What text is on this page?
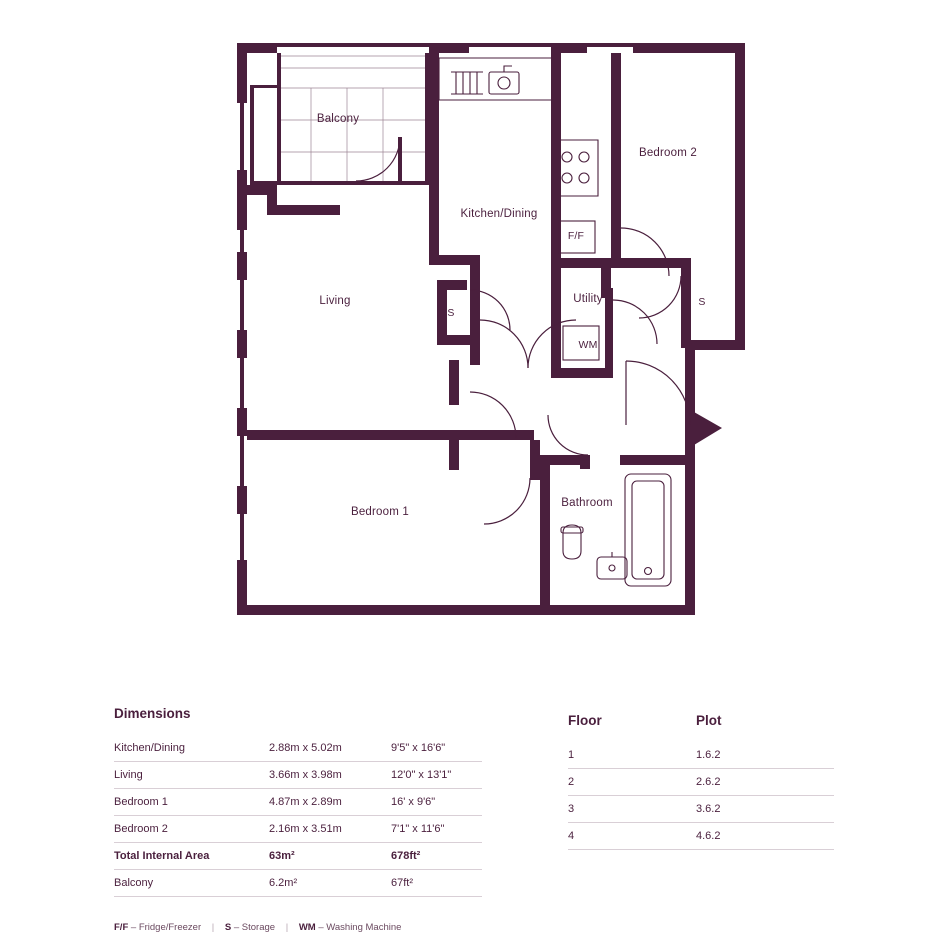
Balcony
Kitchen/Dining
Bedroom 2
Living	Utility
Bedroom 1
Bathroom
S
S
F/F
WM
Dimensions
Kitchen/Dining	2.88m x 5.02m	9'5" x 16'6"
Living	3.66m x 3.98m	12'0" x 13'1"
Bedroom 1	4.87m x 2.89m	16' x 9'6"
Bedroom 2	2.16m x 3.51m	7'1" x 11'6"
Total Internal Area	63m²	678ft²
Balcony	6.2m²	67ft²
Floor	Plot
1	1.6.2
2	2.6.2
3	3.6.2
4	4.6.2
F/F – Fridge/Freezer | S – Storage | WM – Washing Machine
